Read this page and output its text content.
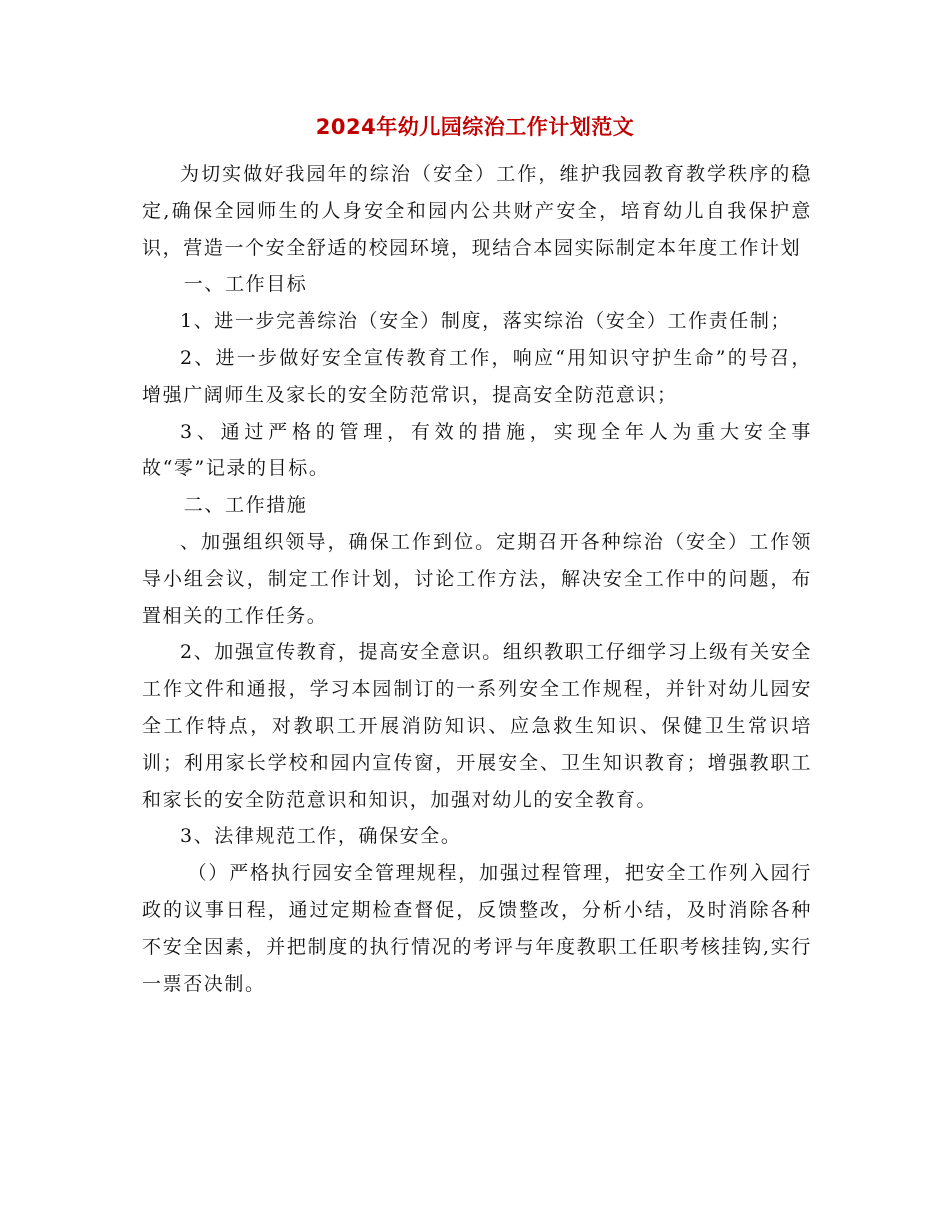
2024年幼儿园综治工作计划范文

为切实做好我园年的综治（安全）工作，维护我园教育教学秩序的稳定,确保全园师生的人身安全和园内公共财产安全，培育幼儿自我保护意识，营造一个安全舒适的校园环境，现结合本园实际制定本年度工作计划

一、工作目标

1、进一步完善综治（安全）制度，落实综治（安全）工作责任制；

2、进一步做好安全宣传教育工作，响应“用知识守护生命”的号召，增强广阔师生及家长的安全防范常识，提高安全防范意识；

3、通过严格的管理，有效的措施，实现全年人为重大安全事故“零”记录的目标。

二、工作措施

、加强组织领导，确保工作到位。定期召开各种综治（安全）工作领导小组会议，制定工作计划，讨论工作方法，解决安全工作中的问题，布置相关的工作任务。

2、加强宣传教育，提高安全意识。组织教职工仔细学习上级有关安全工作文件和通报，学习本园制订的一系列安全工作规程，并针对幼儿园安全工作特点，对教职工开展消防知识、应急救生知识、保健卫生常识培训；利用家长学校和园内宣传窗，开展安全、卫生知识教育；增强教职工和家长的安全防范意识和知识，加强对幼儿的安全教育。

3、法律规范工作，确保安全。

（）严格执行园安全管理规程，加强过程管理，把安全工作列入园行政的议事日程，通过定期检查督促，反馈整改，分析小结，及时消除各种不安全因素，并把制度的执行情况的考评与年度教职工任职考核挂钩,实行一票否决制。
